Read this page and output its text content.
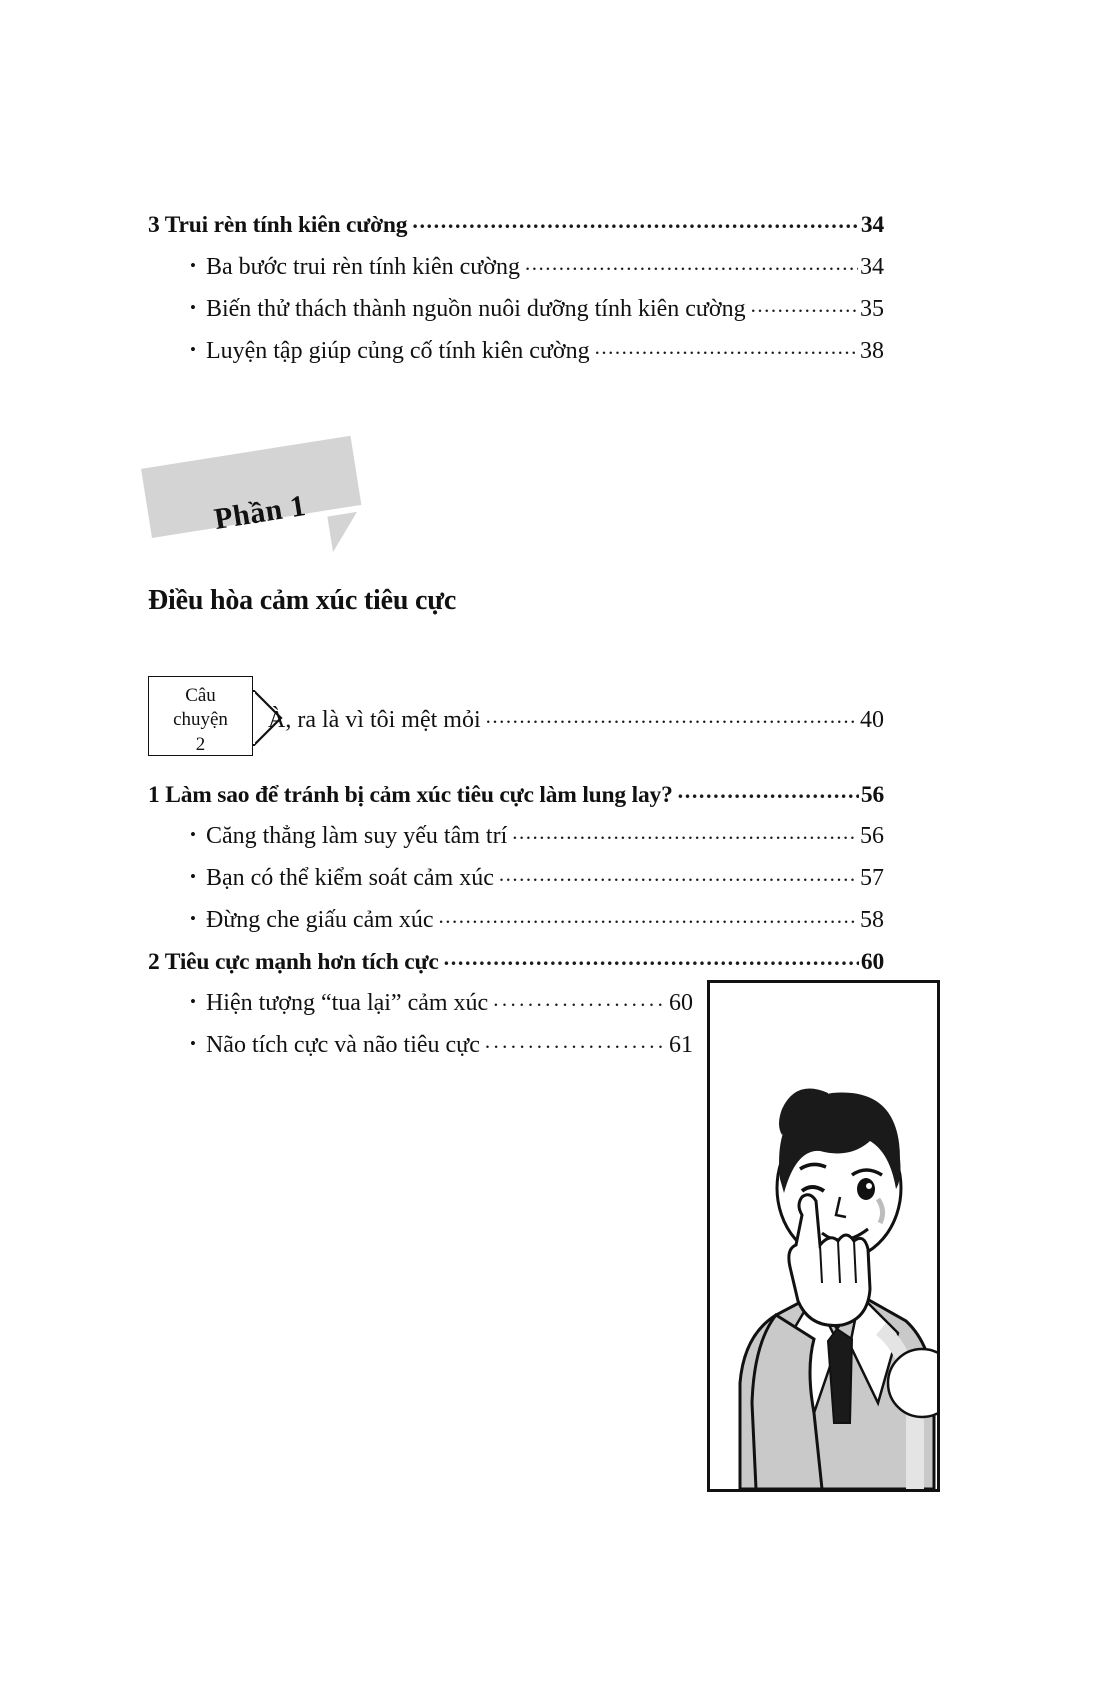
3 Trui rèn tính kiên cường .....	34
• Ba bước trui rèn tính kiên cường .....	34
• Biến thử thách thành nguồn nuôi dưỡng tính kiên cường .....	35
• Luyện tập giúp củng cố tính kiên cường .....	38
Phần 1
Điều hòa cảm xúc tiêu cực
Câu
chuyện
2
À, ra là vì tôi mệt mỏi .....	40
1 Làm sao để tránh bị cảm xúc tiêu cực làm lung lay? .....	56
• Căng thẳng làm suy yếu tâm trí .....	56
• Bạn có thể kiểm soát cảm xúc .....	57
• Đừng che giấu cảm xúc .....	58
2 Tiêu cực mạnh hơn tích cực .....	60
• Hiện tượng “tua lại” cảm xúc .....	60
• Não tích cực và não tiêu cực .....	61
